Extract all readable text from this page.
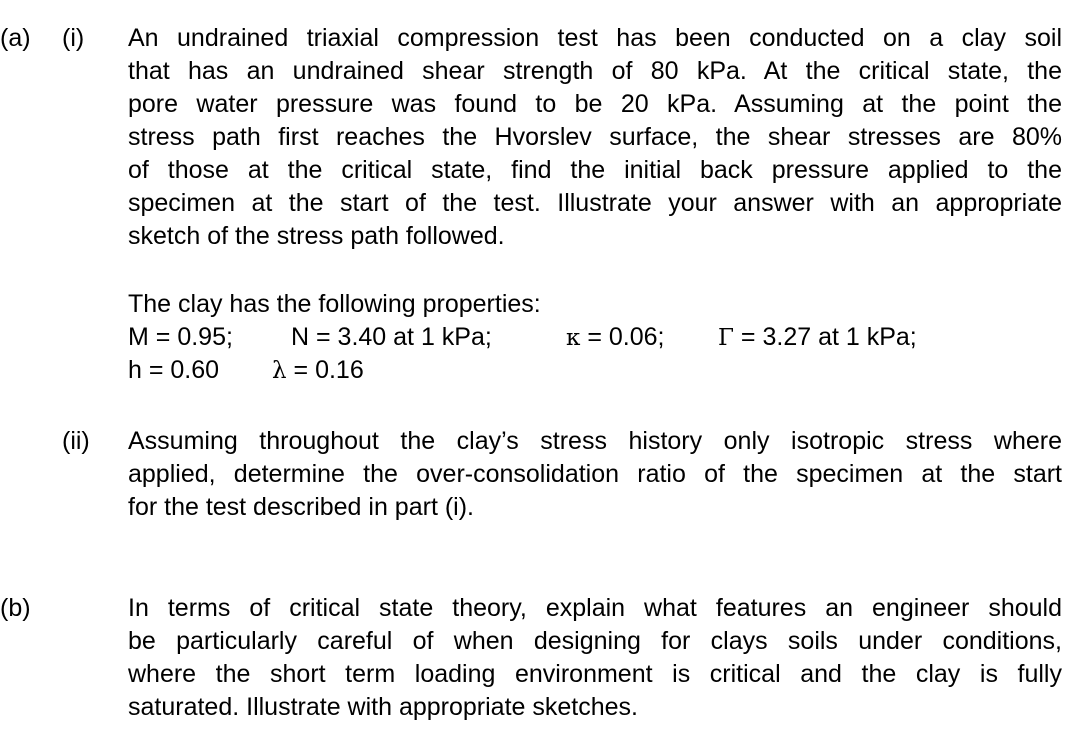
(a) (i) An undrained triaxial compression test has been conducted on a clay soil
that has an undrained shear strength of 80 kPa. At the critical state, the
pore water pressure was found to be 20 kPa. Assuming at the point the
stress path first reaches the Hvorslev surface, the shear stresses are 80%
of those at the critical state, find the initial back pressure applied to the
specimen at the start of the test. Illustrate your answer with an appropriate
sketch of the stress path followed.
The clay has the following properties:
M = 0.95; N = 3.40 at 1 kPa;	κ = 0.06; Γ = 3.27 at 1 kPa;
h = 0.60 λ = 0.16
(ii) Assuming throughout the clay’s stress history only isotropic stress where
applied, determine the over-consolidation ratio of the specimen at the start
for the test described in part (i).
(b)	In terms of critical state theory, explain what features an engineer should
be particularly careful of when designing for clays soils under conditions,
where the short term loading environment is critical and the clay is fully
saturated. Illustrate with appropriate sketches.
